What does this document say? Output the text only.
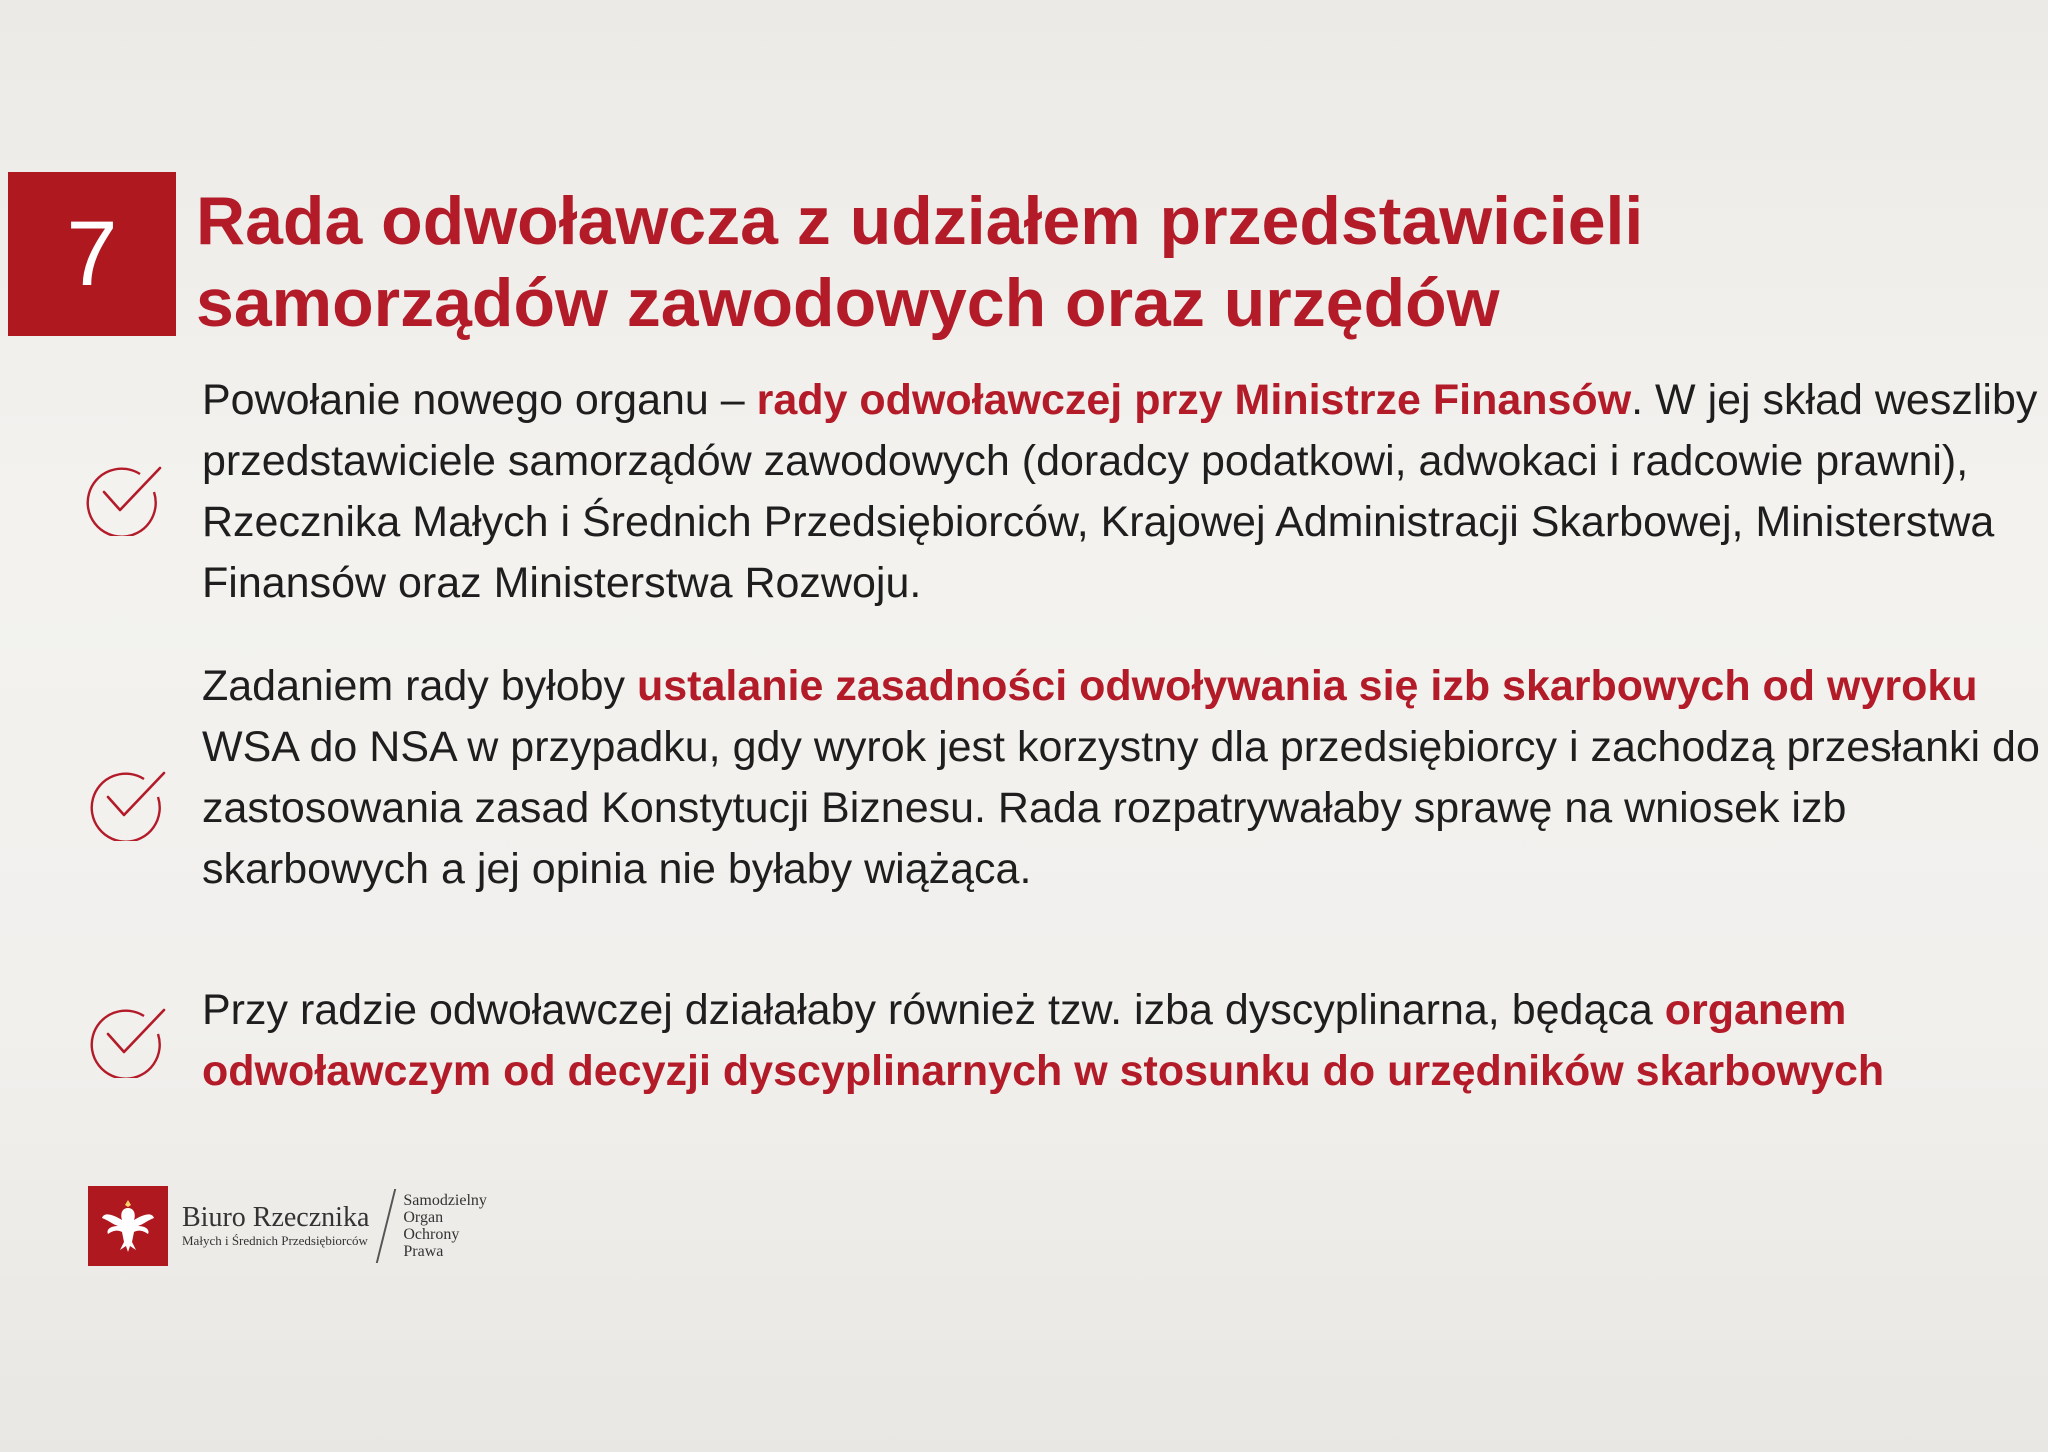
7 Rada odwoławcza z udziałem przedstawicieli
samorządów zawodowych oraz urzędów
Powołanie nowego organu – rady odwoławczej przy Ministrze Finansów. W jej skład weszliby przedstawiciele samorządów zawodowych (doradcy podatkowi, adwokaci i radcowie prawni), Rzecznika Małych i Średnich Przedsiębiorców, Krajowej Administracji Skarbowej, Ministerstwa Finansów oraz Ministerstwa Rozwoju.
Zadaniem rady byłoby ustalanie zasadności odwoływania się izb skarbowych od wyroku WSA do NSA w przypadku, gdy wyrok jest korzystny dla przedsiębiorcy i zachodzą przesłanki do zastosowania zasad Konstytucji Biznesu. Rada rozpatrywałaby sprawę na wniosek izb skarbowych a jej opinia nie byłaby wiążąca.
Przy radzie odwoławczej działałaby również tzw. izba dyscyplinarna, będąca organem odwoławczym od decyzji dyscyplinarnych w stosunku do urzędników skarbowych
Biuro Rzecznika
Małych i Średnich Przedsiębiorców
Samodzielny
Organ
Ochrony
Prawa
